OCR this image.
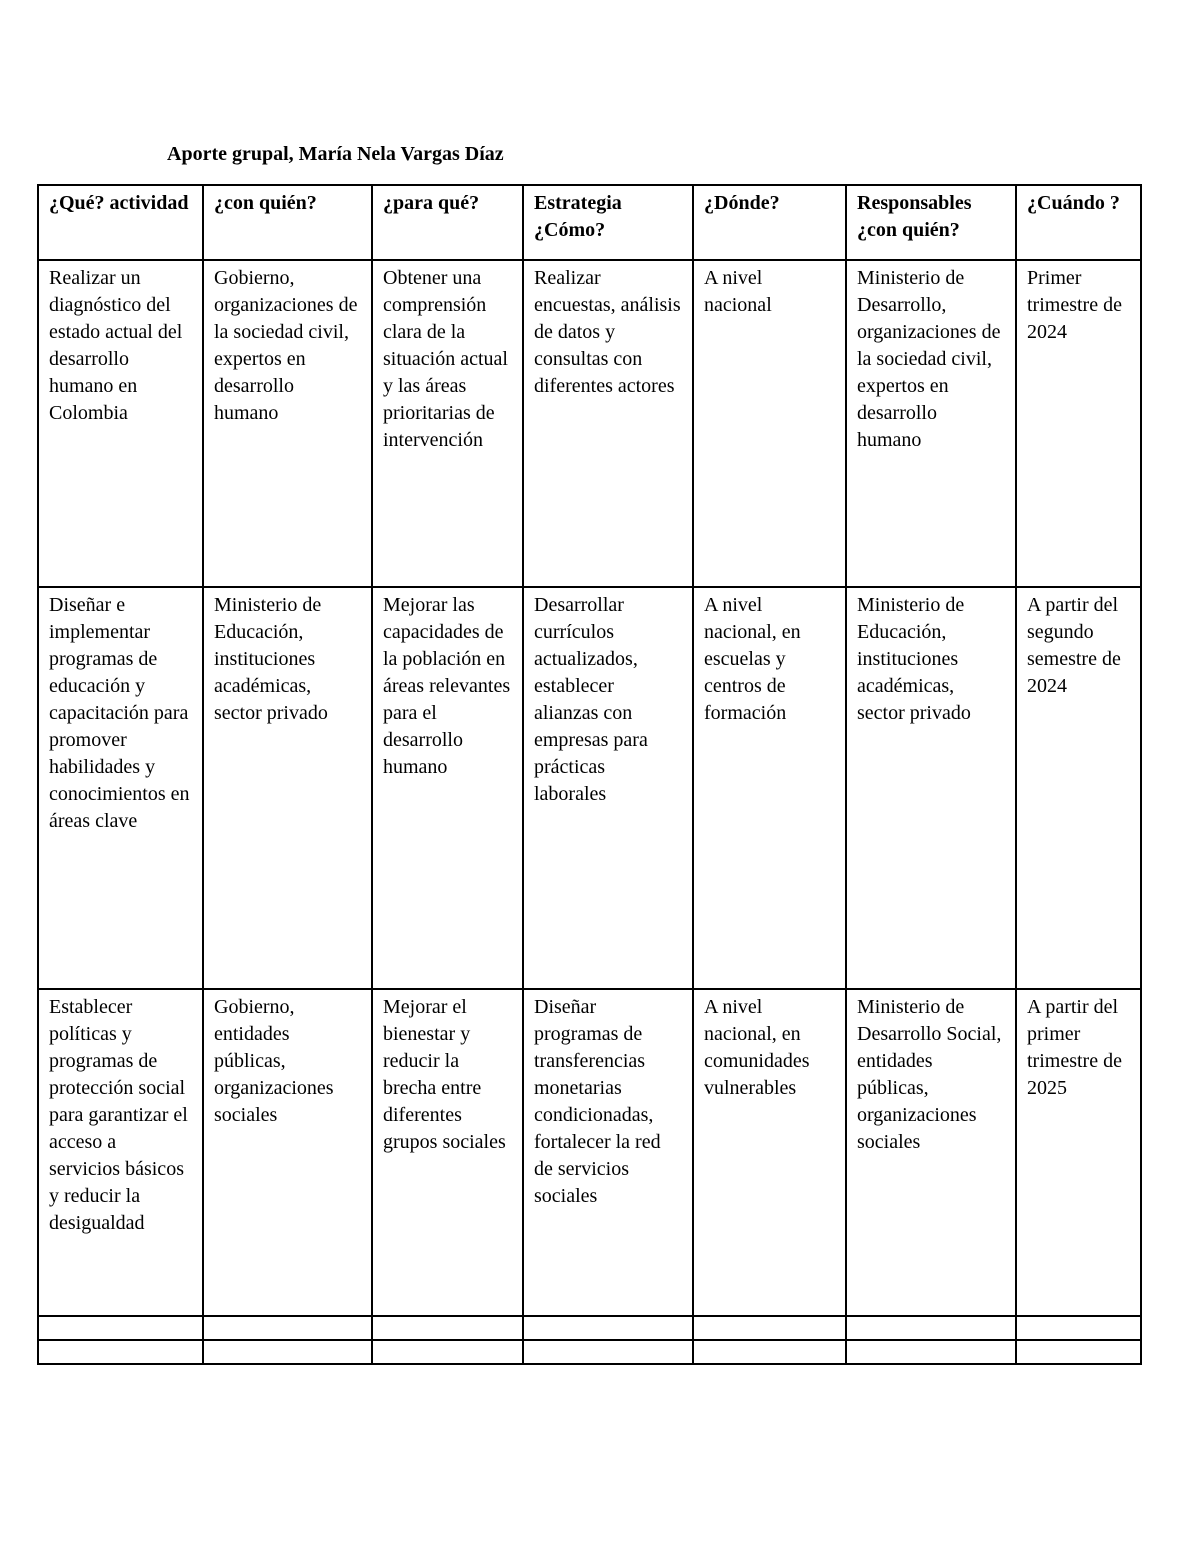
Aporte grupal, María Nela Vargas Díaz
¿Qué? actividad	¿con quién?	¿para qué?	Estrategia ¿Cómo?	¿Dónde?	Responsables ¿con quién?	¿Cuándo ?
Realizar un diagnóstico del estado actual del desarrollo humano en Colombia	Gobierno, organizaciones de la sociedad civil, expertos en desarrollo humano	Obtener una comprensión clara de la situación actual y las áreas prioritarias de intervención	Realizar encuestas, análisis de datos y consultas con diferentes actores	A nivel nacional	Ministerio de Desarrollo, organizaciones de la sociedad civil, expertos en desarrollo humano	Primer trimestre de 2024
Diseñar e implementar programas de educación y capacitación para promover habilidades y conocimientos en áreas clave	Ministerio de Educación, instituciones académicas, sector privado	Mejorar las capacidades de la población en áreas relevantes para el desarrollo humano	Desarrollar currículos actualizados, establecer alianzas con empresas para prácticas laborales	A nivel nacional, en escuelas y centros de formación	Ministerio de Educación, instituciones académicas, sector privado	A partir del segundo semestre de 2024
Establecer políticas y programas de protección social para garantizar el acceso a servicios básicos y reducir la desigualdad	Gobierno, entidades públicas, organizaciones sociales	Mejorar el bienestar y reducir la brecha entre diferentes grupos sociales	Diseñar programas de transferencias monetarias condicionadas, fortalecer la red de servicios sociales	A nivel nacional, en comunidades vulnerables	Ministerio de Desarrollo Social, entidades públicas, organizaciones sociales	A partir del primer trimestre de 2025
